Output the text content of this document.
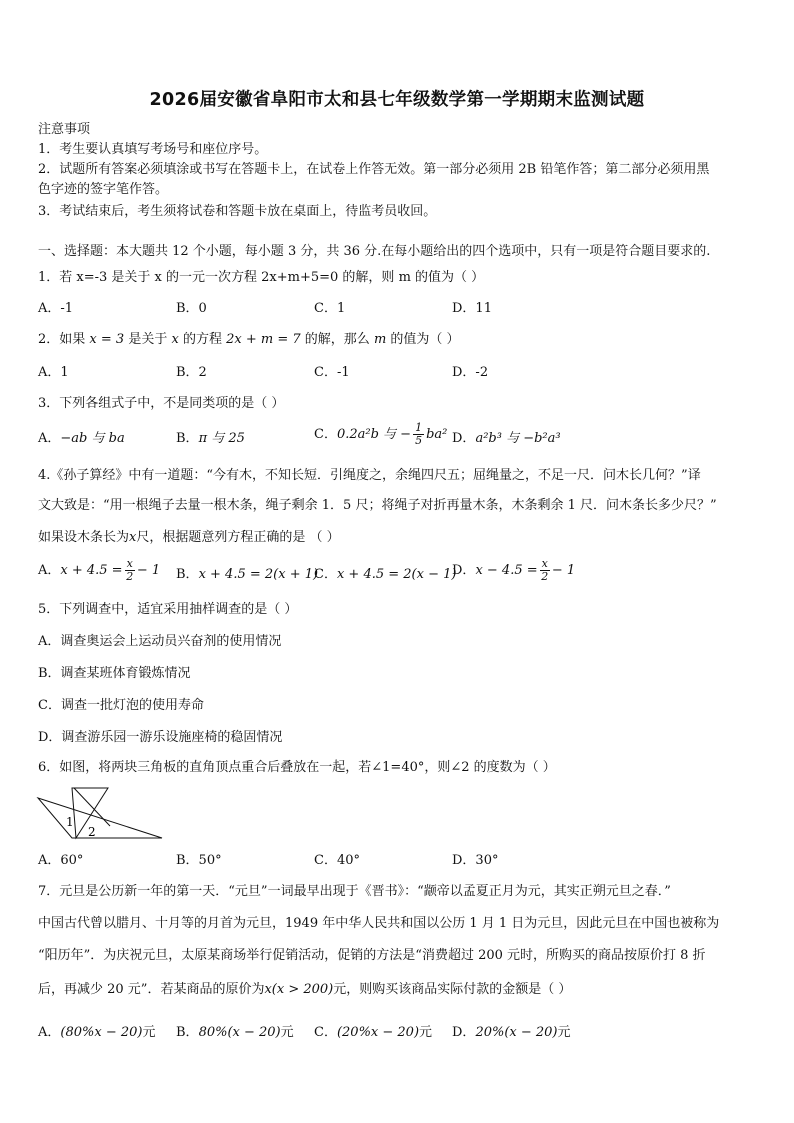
2026届安徽省阜阳市太和县七年级数学第一学期期末监测试题
注意事项
1．考生要认真填写考场号和座位序号。
2．试题所有答案必须填涂或书写在答题卡上，在试卷上作答无效。第一部分必须用 2B 铅笔作答；第二部分必须用黑
色字迹的签字笔作答。
3．考试结束后，考生须将试卷和答题卡放在桌面上，待监考员收回。
一、选择题：本大题共 12 个小题，每小题 3 分，共 36 分.在每小题给出的四个选项中，只有一项是符合题目要求的.
1．若 x=-3 是关于 x 的一元一次方程 2x+m+5=0 的解，则 m 的值为（ ）
A．-1	B．0	C．1	D．11
2．如果 x = 3 是关于 x 的方程 2x + m = 7 的解，那么 m 的值为（ ）
A．1	B．2	C．-1	D．-2
3．下列各组式子中，不是同类项的是（ ）
A．−ab 与 ba	B．π 与 25	C．0.2a²b 与 − $\frac{1}{5} ba^2$ D．a²b³ 与 −b²a³
4.《孙子算经》中有一道题：“今有木，不知长短．引绳度之，余绳四尺五；屈绳量之，不足一尺．问木长几何？”译
文大致是：“用一根绳子去量一根木条，绳子剩余 1．5 尺；将绳子对折再量木条，木条剩余 1 尺．问木条长多少尺？”
如果设木条长为x尺，根据题意列方程正确的是 （ ）
A．$x + 4.5 = \frac{x}{2} - 1$ B．x + 4.5 = 2(x + 1)
C．x + 4.5 = 2(x − 1)
D．$x - 4.5 = \frac{x}{2} - 1$
5．下列调查中，适宜采用抽样调查的是（ ）
A．调查奥运会上运动员兴奋剂的使用情况
B．调查某班体育锻炼情况
C．调查一批灯泡的使用寿命
D．调查游乐园一游乐设施座椅的稳固情况
6．如图，将两块三角板的直角顶点重合后叠放在一起，若∠1=40°，则∠2 的度数为（ ）
1
2
A．60°	B．50°	C．40°	D．30°
7．元旦是公历新一年的第一天．“元旦”一词最早出现于《晋书》：“颛帝以孟夏正月为元，其实正朔元旦之春．”
中国古代曾以腊月、十月等的月首为元旦，1949 年中华人民共和国以公历 1 月 1 日为元旦，因此元旦在中国也被称为
“阳历年”．为庆祝元旦，太原某商场举行促销活动，促销的方法是“消费超过 200 元时，所购买的商品按原价打 8 折
后，再减少 20 元”．若某商品的原价为x(x > 200)元，则购买该商品实际付款的金额是（ ）
A．(80%x − 20)元 B．80%(x − 20)元 C．(20%x − 20)元 D．20%(x − 20)元
